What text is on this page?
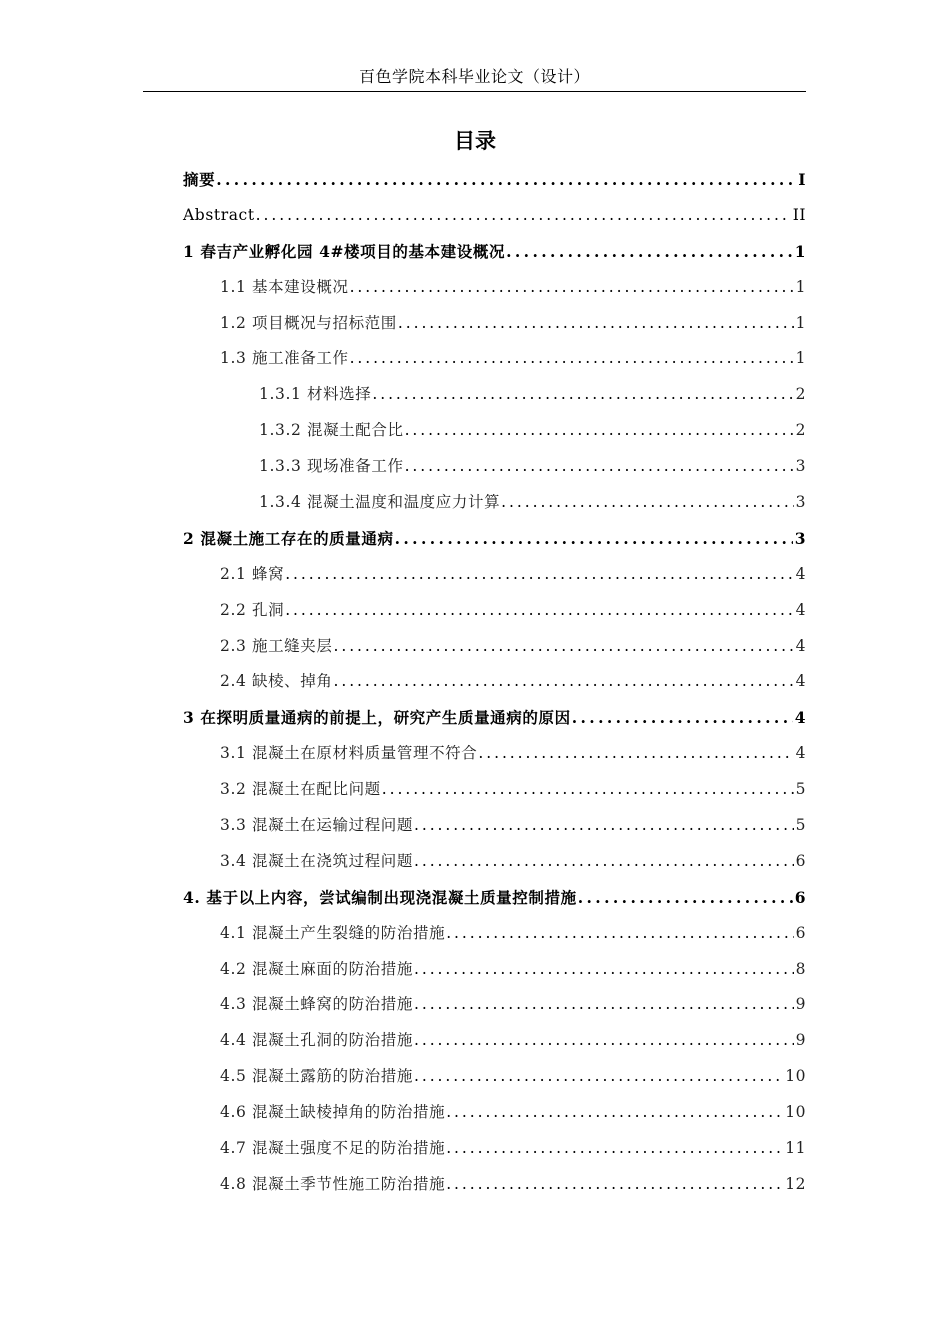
百色学院本科毕业论文（设计）
目录
摘要 . . .	I
Abstract . . .	II
1 春吉产业孵化园 4#楼项目的基本建设概况 . . .	1
1.1 基本建设概况 . . .	1
1.2 项目概况与招标范围 . . .	1
1.3 施工准备工作 . . .	1
1.3.1 材料选择 . . .	2
1.3.2 混凝土配合比 . . .	2
1.3.3 现场准备工作 . . .	3
1.3.4 混凝土温度和温度应力计算 . . .	3
2 混凝土施工存在的质量通病 . . .	3
2.1 蜂窝 . . .	4
2.2 孔洞 . . .	4
2.3 施工缝夹层 . . .	4
2.4 缺棱、掉角 . . .	4
3 在探明质量通病的前提上，研究产生质量通病的原因 . . .	4
3.1 混凝土在原材料质量管理不符合 . . .	4
3.2 混凝土在配比问题 . . .	5
3.3 混凝土在运输过程问题 . . .	5
3.4 混凝土在浇筑过程问题 . . .	6
4. 基于以上内容，尝试编制出现浇混凝土质量控制措施 . . .	6
4.1 混凝土产生裂缝的防治措施 . . .	6
4.2 混凝土麻面的防治措施 . . .	8
4.3 混凝土蜂窝的防治措施 . . .	9
4.4 混凝土孔洞的防治措施 . . .	9
4.5 混凝土露筋的防治措施 . . .	10
4.6 混凝土缺棱掉角的防治措施 . . .	10
4.7 混凝土强度不足的防治措施 . . .	11
4.8 混凝土季节性施工防治措施 . . .	12
